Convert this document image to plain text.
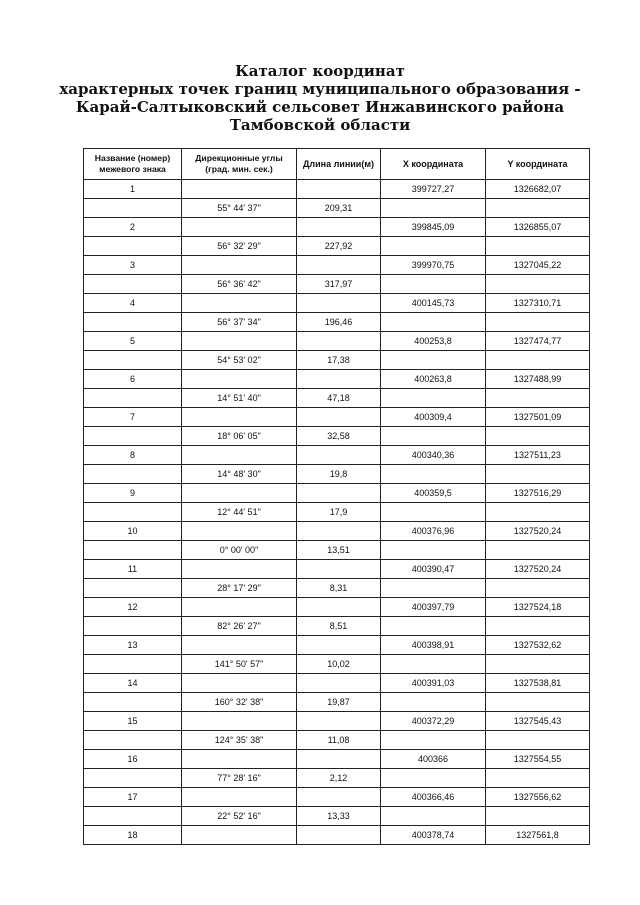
Каталог координат
характерных точек границ муниципального образования -
Карай-Салтыковский сельсовет Инжавинского района
Тамбовской области
Название (номер) межевого знака	Дирекционные углы (град. мин. сек.)	Длина линии(м)	Х координата	Y координата
1			399727,27	1326682,07
	55° 44' 37"	209,31		
2			399845,09	1326855,07
	56° 32' 29"	227,92		
3			399970,75	1327045,22
	56° 36' 42"	317,97		
4			400145,73	1327310,71
	56° 37' 34"	196,46		
5			400253,8	1327474,77
	54° 53' 02"	17,38		
6			400263,8	1327488,99
	14° 51' 40"	47,18		
7			400309,4	1327501,09
	18° 06' 05"	32,58		
8			400340,36	1327511,23
	14° 48' 30"	19,8		
9			400359,5	1327516,29
	12° 44' 51"	17,9		
10			400376,96	1327520,24
	0° 00' 00"	13,51		
11			400390,47	1327520,24
	28° 17' 29"	8,31		
12			400397,79	1327524,18
	82° 26' 27"	8,51		
13			400398,91	1327532,62
	141° 50' 57"	10,02		
14			400391,03	1327538,81
	160° 32' 38"	19,87		
15			400372,29	1327545,43
	124° 35' 38"	11,08		
16			400366	1327554,55
	77° 28' 16"	2,12		
17			400366,46	1327556,62
	22° 52' 16"	13,33		
18			400378,74	1327561,8
